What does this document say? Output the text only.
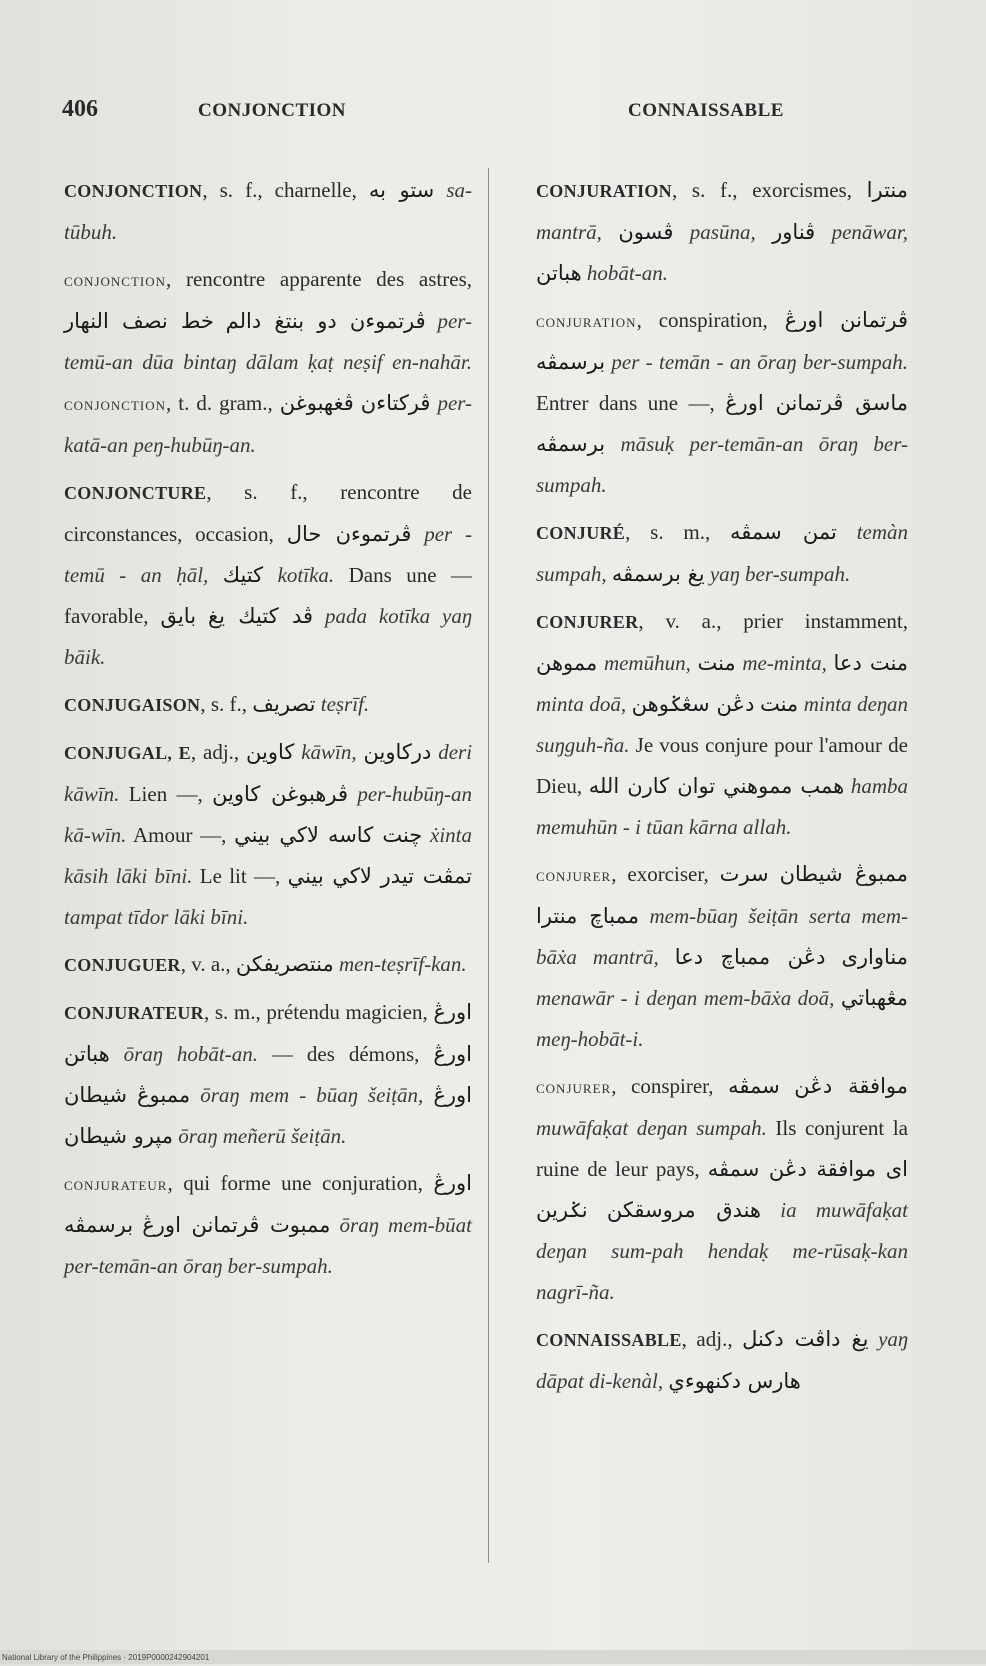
406	CONJONCTION	CONNAISSABLE

CONJONCTION, s. f., charnelle, ستو به sa-tūbuh.

conjonction, rencontre apparente des astres, ڤرتموءن دو بنتغ دالم خط نصف النهار	per-temū-an dūa bintaŋ dālam ḳaṭ neṣif en-nahār. conjonction, t. d. gram.,	ڤركتاءن ڤغهبوغن	per-katā-an peŋ-hubūŋ-an.

CONJONCTURE, s. f., rencontre de circonstances, occasion, ڤرتموءن حال per - temū - an ḥāl, كتيك kotīka. Dans une — favorable, ڤد كتيك يغ بايق	pada kotīka yaŋ bāik.

CONJUGAISON, s. f., تصريف teṣrīf.

CONJUGAL, E, adj., كاوين kāwīn, دركاوين deri kāwīn. Lien —, ڤرهبوغن كاوين per-hubūŋ-an kā-wīn. Amour —, چنت كاسه لاكي بيني ẋinta kāsih lāki bīni. Le lit —, تمڤت تيدر لاكي بيني tampat tīdor lāki bīni.

CONJUGUER, v. a., منتصريفكن men-teṣrīf-kan.

CONJURATEUR, s. m., prétendu magicien, اورڠ هباتن ōraŋ hobāt-an. — des démons, اورڠ ممبوڠ شيطان	ōraŋ mem - būaŋ šeiṭān, اورڠ مڽرو شيطان ōraŋ meñerū šeiṭān.

conjurateur, qui forme une conjuration, اورڠ ممبوت ڤرتمانن اورڠ برسمڤه	ōraŋ mem-būat per-temān-an ōraŋ ber-sumpah.

CONJURATION, s. f., exorcismes, منترا mantrā, ڤسون pasūna, ڤناور penāwar, هباتن hobāt-an.

conjuration, conspiration,	ڤرتمانن اورڠ برسمڤه per - temān - an ōraŋ ber-sumpah. Entrer dans une —, ماسق ڤرتمانن اورڠ برسمڤه māsuḳ per-temān-an ōraŋ ber-sumpah.

CONJURÉ, s. m., تمن سمڤه temàn sumpah, يغ برسمڤه yaŋ ber-sumpah.

CONJURER, v. a., prier instamment, مموهن memūhun, منت me-minta, منت دعا minta doā,	منت دڠن سڠݢوهن minta deŋan suŋguh-ña. Je vous conjure pour l'amour de Dieu, همب مموهني توان كارن الله hamba memuhūn - i tūan kārna allah.

conjurer, exorciser,	ممبوڠ شيطان سرت ممباچ منترا mem-būaŋ šeiṭān serta mem-bāẋa mantrā,	مناوارى دڠن ممباچ دعا menawār - i deŋan mem-bāẋa doā, مڠهباتي meŋ-hobāt-i.

conjurer, conspirer,	موافقة دڠن سمڤه muwāfaḳat deŋan sumpah. Ils conjurent la ruine de leur pays, اى موافقة دڠن سمڤه هندق مروسقكن نݢرين	ia muwāfaḳat deŋan sum-pah hendaḳ me-rūsaḳ-kan nagrī-ña.

CONNAISSABLE, adj., يغ داڤت دكنل yaŋ dāpat di-kenàl, هارس دكنهوءي

National Library of the Philippines · 2019P0000242904201
